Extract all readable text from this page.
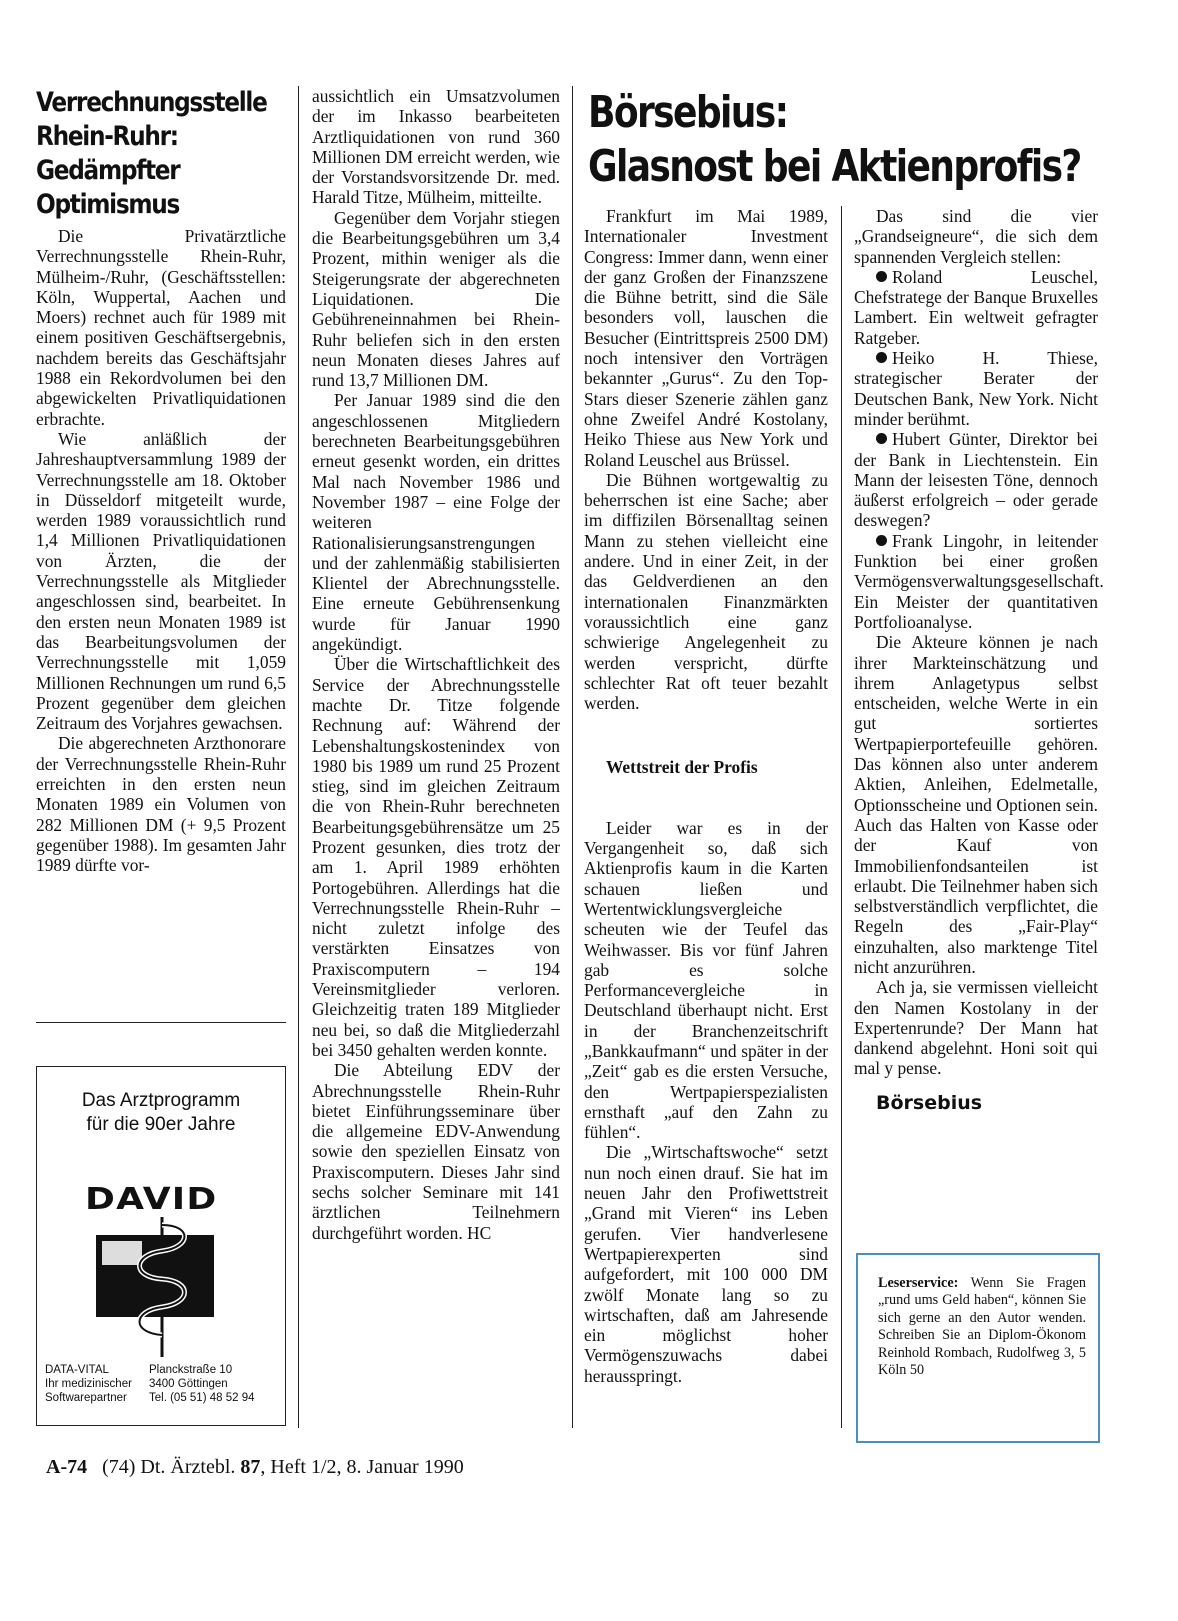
Verrechnungsstelle
Rhein-Ruhr:
Gedämpfter
Optimismus

Die Privatärztliche Verrechnungsstelle Rhein-Ruhr, Mülheim-/Ruhr, (Geschäftsstellen: Köln, Wuppertal, Aachen und Moers) rechnet auch für 1989 mit einem positiven Geschäftsergebnis, nachdem bereits das Geschäftsjahr 1988 ein Rekordvolumen bei den abgewickelten Privatliquidationen erbrachte.

Wie anläßlich der Jahreshauptversammlung 1989 der Verrechnungsstelle am 18. Oktober in Düsseldorf mitgeteilt wurde, werden 1989 voraussichtlich rund 1,4 Millionen Privatliquidationen von Ärzten, die der Verrechnungsstelle als Mitglieder angeschlossen sind, bearbeitet. In den ersten neun Monaten 1989 ist das Bearbeitungsvolumen der Verrechnungsstelle mit 1,059 Millionen Rechnungen um rund 6,5 Prozent gegenüber dem gleichen Zeitraum des Vorjahres gewachsen.

Die abgerechneten Arzthonorare der Verrechnungsstelle Rhein-Ruhr erreichten in den ersten neun Monaten 1989 ein Volumen von 282 Millionen DM (+ 9,5 Prozent gegenüber 1988). Im gesamten Jahr 1989 dürfte vor-

Das Arztprogramm
für die 90er Jahre
DAVID
DATA-VITAL
Ihr medizinischer
Softwarepartner
Planckstraße 10
3400 Göttingen
Tel. (05 51) 48 52 94

aussichtlich ein Umsatzvolumen der im Inkasso bearbeiteten Arztliquidationen von rund 360 Millionen DM erreicht werden, wie der Vorstandsvorsitzende Dr. med. Harald Titze, Mülheim, mitteilte.

Gegenüber dem Vorjahr stiegen die Bearbeitungsgebühren um 3,4 Prozent, mithin weniger als die Steigerungsrate der abgerechneten Liquidationen. Die Gebühreneinnahmen bei Rhein-Ruhr beliefen sich in den ersten neun Monaten dieses Jahres auf rund 13,7 Millionen DM.

Per Januar 1989 sind die den angeschlossenen Mitgliedern berechneten Bearbeitungsgebühren erneut gesenkt worden, ein drittes Mal nach November 1986 und November 1987 – eine Folge der weiteren Rationalisierungsanstrengungen und der zahlenmäßig stabilisierten Klientel der Abrechnungsstelle. Eine erneute Gebührensenkung wurde für Januar 1990 angekündigt.

Über die Wirtschaftlichkeit des Service der Abrechnungsstelle machte Dr. Titze folgende Rechnung auf: Während der Lebenshaltungskostenindex von 1980 bis 1989 um rund 25 Prozent stieg, sind im gleichen Zeitraum die von Rhein-Ruhr berechneten Bearbeitungsgebührensätze um 25 Prozent gesunken, dies trotz der am 1. April 1989 erhöhten Portogebühren. Allerdings hat die Verrechnungsstelle Rhein-Ruhr – nicht zuletzt infolge des verstärkten Einsatzes von Praxiscomputern – 194 Vereinsmitglieder verloren. Gleichzeitig traten 189 Mitglieder neu bei, so daß die Mitgliederzahl bei 3450 gehalten werden konnte.

Die Abteilung EDV der Abrechnungsstelle Rhein-Ruhr bietet Einführungsseminare über die allgemeine EDV-Anwendung sowie den speziellen Einsatz von Praxiscomputern. Dieses Jahr sind sechs solcher Seminare mit 141 ärztlichen Teilnehmern durchgeführt worden. HC

Börsebius:
Glasnost bei Aktienprofis?

Frankfurt im Mai 1989, Internationaler Investment Congress: Immer dann, wenn einer der ganz Großen der Finanzszene die Bühne betritt, sind die Säle besonders voll, lauschen die Besucher (Eintrittspreis 2500 DM) noch intensiver den Vorträgen bekannter „Gurus“. Zu den Top-Stars dieser Szenerie zählen ganz ohne Zweifel André Kostolany, Heiko Thiese aus New York und Roland Leuschel aus Brüssel.

Die Bühnen wortgewaltig zu beherrschen ist eine Sache; aber im diffizilen Börsenalltag seinen Mann zu stehen vielleicht eine andere. Und in einer Zeit, in der das Geldverdienen an den internationalen Finanzmärkten voraussichtlich eine ganz schwierige Angelegenheit zu werden verspricht, dürfte schlechter Rat oft teuer bezahlt werden.

Wettstreit der Profis

Leider war es in der Vergangenheit so, daß sich Aktienprofis kaum in die Karten schauen ließen und Wertentwicklungsvergleiche scheuten wie der Teufel das Weihwasser. Bis vor fünf Jahren gab es solche Performancevergleiche in Deutschland überhaupt nicht. Erst in der Branchenzeitschrift „Bankkaufmann“ und später in der „Zeit“ gab es die ersten Versuche, den Wertpapierspezialisten ernsthaft „auf den Zahn zu fühlen“.

Die „Wirtschaftswoche“ setzt nun noch einen drauf. Sie hat im neuen Jahr den Profiwettstreit „Grand mit Vieren“ ins Leben gerufen. Vier handverlesene Wertpapierexperten sind aufgefordert, mit 100 000 DM zwölf Monate lang so zu wirtschaften, daß am Jahresende ein möglichst hoher Vermögenszuwachs dabei herausspringt.

Das sind die vier „Grandseigneure“, die sich dem spannenden Vergleich stellen:

Roland Leuschel, Chefstratege der Banque Bruxelles Lambert. Ein weltweit gefragter Ratgeber.

Heiko H. Thiese, strategischer Berater der Deutschen Bank, New York. Nicht minder berühmt.

Hubert Günter, Direktor bei der Bank in Liechtenstein. Ein Mann der leisesten Töne, dennoch äußerst erfolgreich – oder gerade deswegen?

Frank Lingohr, in leitender Funktion bei einer großen Vermögensverwaltungsgesellschaft. Ein Meister der quantitativen Portfolioanalyse.

Die Akteure können je nach ihrer Markteinschätzung und ihrem Anlagetypus selbst entscheiden, welche Werte in ein gut sortiertes Wertpapierportefeuille gehören. Das können also unter anderem Aktien, Anleihen, Edelmetalle, Optionsscheine und Optionen sein. Auch das Halten von Kasse oder der Kauf von Immobilienfondsanteilen ist erlaubt. Die Teilnehmer haben sich selbstverständlich verpflichtet, die Regeln des „Fair-Play“ einzuhalten, also marktenge Titel nicht anzurühren.

Ach ja, sie vermissen vielleicht den Namen Kostolany in der Expertenrunde? Der Mann hat dankend abgelehnt. Honi soit qui mal y pense.

Börsebius

Leserservice: Wenn Sie Fragen „rund ums Geld haben“, können Sie sich gerne an den Autor wenden. Schreiben Sie an Diplom-Ökonom Reinhold Rombach, Rudolfweg 3, 5 Köln 50
A-74 (74) Dt. Ärztebl. 87, Heft 1/2, 8. Januar 1990
